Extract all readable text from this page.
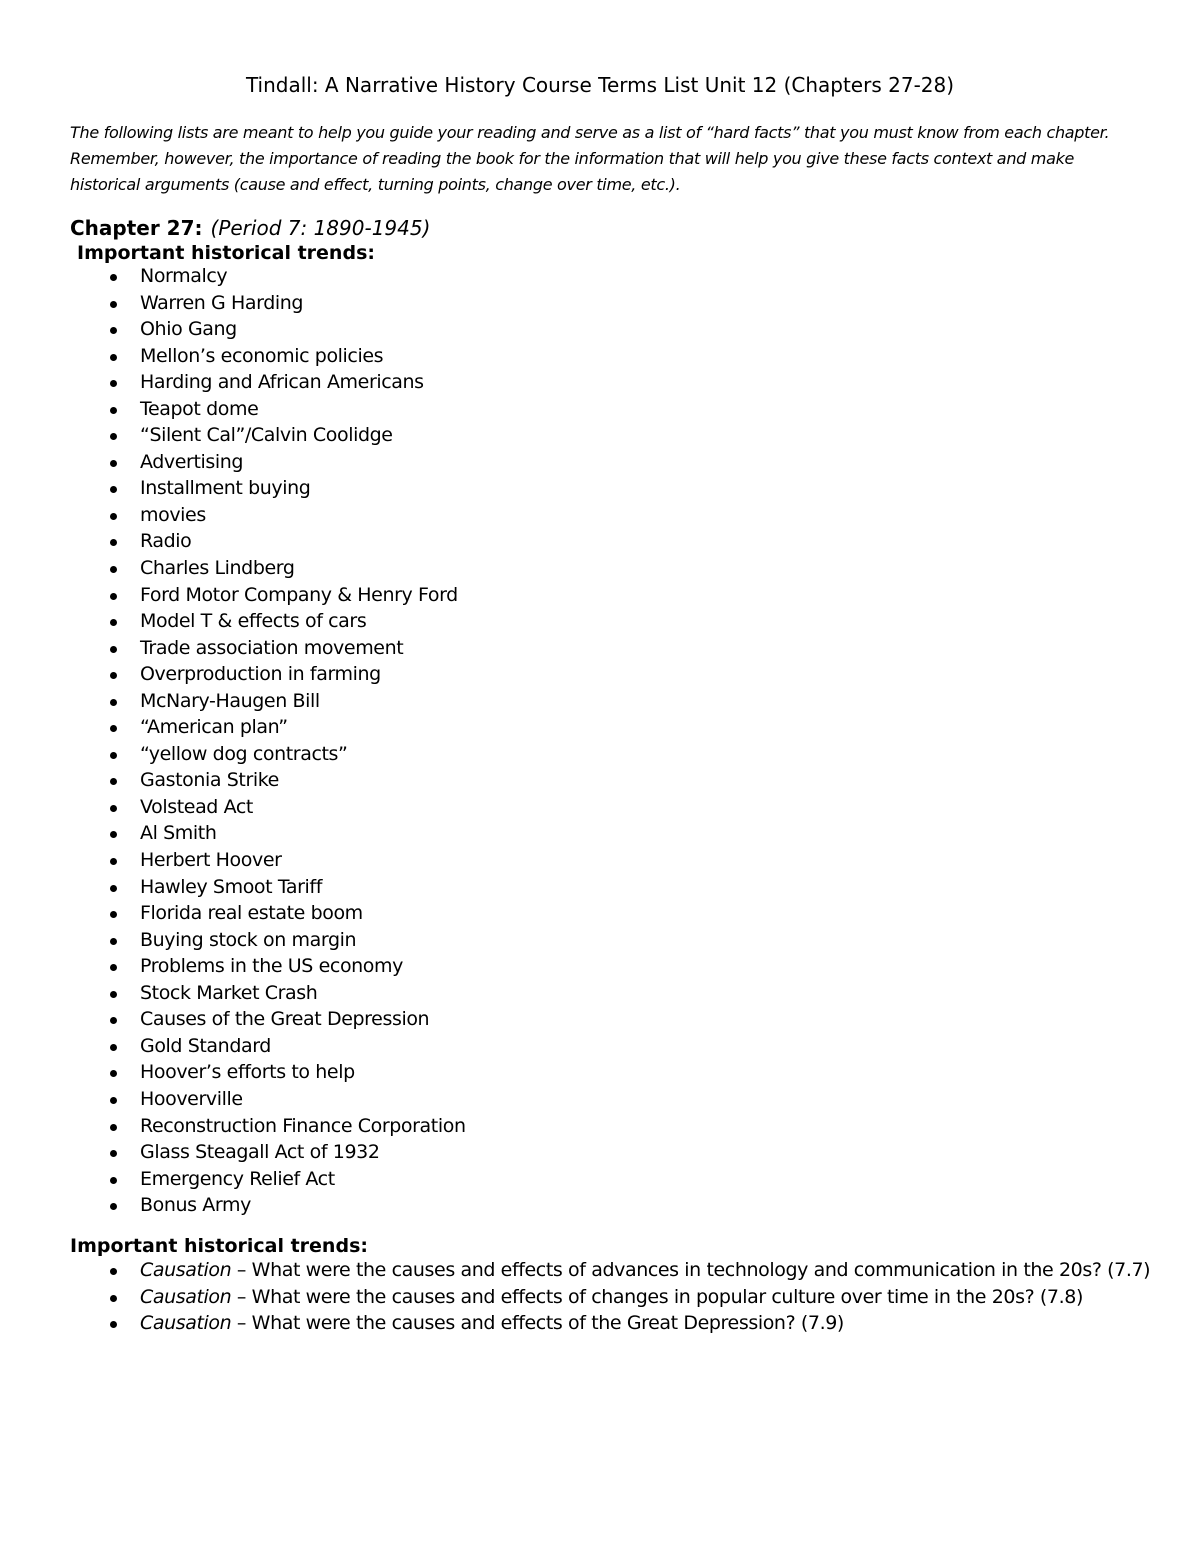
Tindall: A Narrative History Course Terms List Unit 12 (Chapters 27-28)
The following lists are meant to help you guide your reading and serve as a list of “hard facts” that you must know from each chapter. Remember, however, the importance of reading the book for the information that will help you give these facts context and make historical arguments (cause and effect, turning points, change over time, etc.).
Chapter 27: (Period 7: 1890-1945)
Important historical trends:
Normalcy
Warren G Harding
Ohio Gang
Mellon’s economic policies
Harding and African Americans
Teapot dome
“Silent Cal”/Calvin Coolidge
Advertising
Installment buying
movies
Radio
Charles Lindberg
Ford Motor Company & Henry Ford
Model T & effects of cars
Trade association movement
Overproduction in farming
McNary-Haugen Bill
“American plan”
“yellow dog contracts”
Gastonia Strike
Volstead Act
Al Smith
Herbert Hoover
Hawley Smoot Tariff
Florida real estate boom
Buying stock on margin
Problems in the US economy
Stock Market Crash
Causes of the Great Depression
Gold Standard
Hoover’s efforts to help
Hooverville
Reconstruction Finance Corporation
Glass Steagall Act of 1932
Emergency Relief Act
Bonus Army
Important historical trends:
Causation – What were the causes and effects of advances in technology and communication in the 20s? (7.7)
Causation – What were the causes and effects of changes in popular culture over time in the 20s? (7.8)
Causation – What were the causes and effects of the Great Depression? (7.9)
